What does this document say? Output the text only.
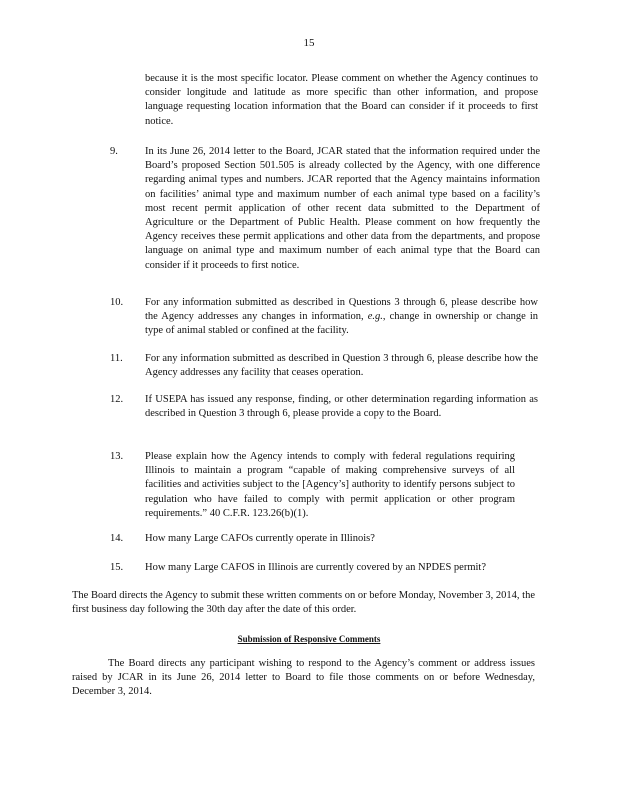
15
because it is the most specific locator. Please comment on whether the Agency continues to consider longitude and latitude as more specific than other information, and propose language requesting location information that the Board can consider if it proceeds to first notice.
9.	In its June 26, 2014 letter to the Board, JCAR stated that the information required under the Board’s proposed Section 501.505 is already collected by the Agency, with one difference regarding animal types and numbers. JCAR reported that the Agency maintains information on facilities’ animal type and maximum number of each animal type based on a facility’s most recent permit application of other recent data submitted to the Department of Agriculture or the Department of Public Health. Please comment on how frequently the Agency receives these permit applications and other data from the departments, and propose language on animal type and maximum number of each animal type that the Board can consider if it proceeds to first notice.
10. For any information submitted as described in Questions 3 through 6, please describe how the Agency addresses any changes in information, e.g., change in ownership or change in type of animal stabled or confined at the facility.
11. For any information submitted as described in Question 3 through 6, please describe how the Agency addresses any facility that ceases operation.
12. If USEPA has issued any response, finding, or other determination regarding information as described in Question 3 through 6, please provide a copy to the Board.
13. Please explain how the Agency intends to comply with federal regulations requiring Illinois to maintain a program “capable of making comprehensive surveys of all facilities and activities subject to the [Agency’s] authority to identify persons subject to regulation who have failed to comply with permit application or other program requirements.” 40 C.F.R. 123.26(b)(1).
14. How many Large CAFOs currently operate in Illinois?
15. How many Large CAFOS in Illinois are currently covered by an NPDES permit?
The Board directs the Agency to submit these written comments on or before Monday, November 3, 2014, the first business day following the 30th day after the date of this order.
Submission of Responsive Comments
The Board directs any participant wishing to respond to the Agency’s comment or address issues raised by JCAR in its June 26, 2014 letter to Board to file those comments on or before Wednesday, December 3, 2014.
